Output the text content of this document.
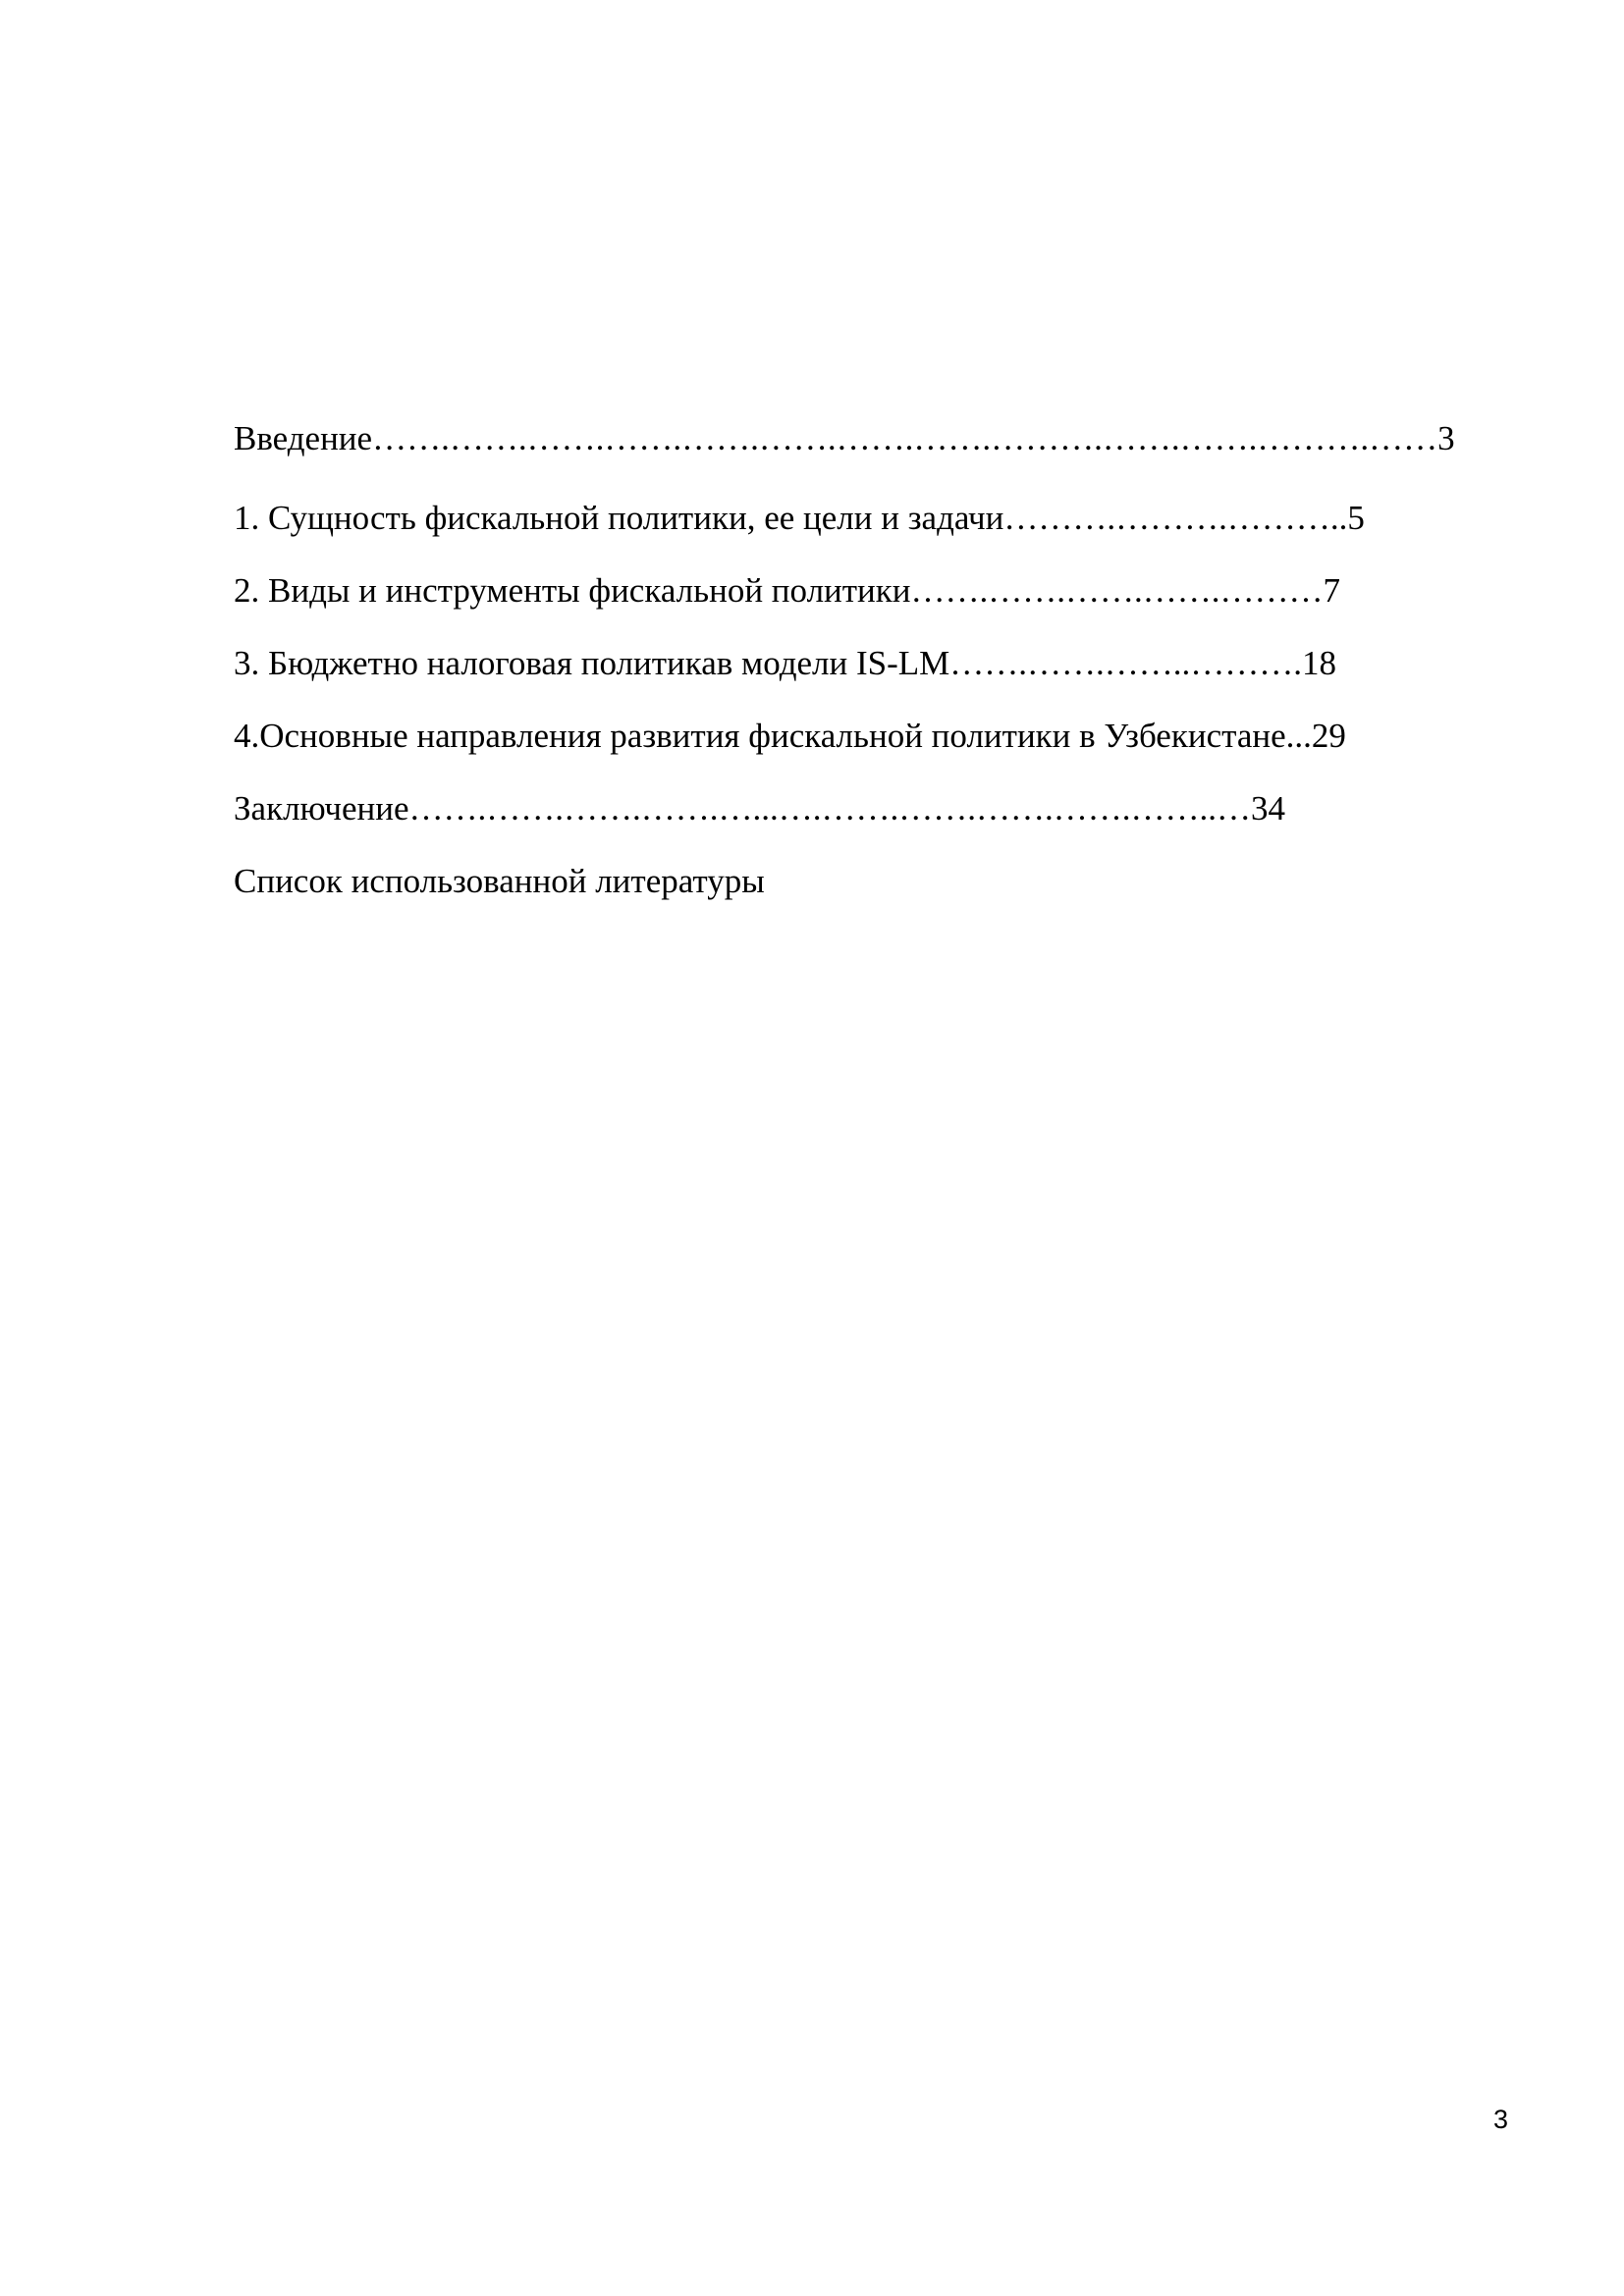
Введение…….…….…….…….…….…….…….…….……….…….…….……….……3

1. Сущность фискальной политики, ее цели и задачи……….……….………..5

2. Виды и инструменты фискальной политики…….…….…….…….………7

3. Бюджетно налоговая политикав модели IS-LM…….…….……..……….18

4.Основные направления развития фискальной политики в Узбекистане...29

Заключение…….…….…….…….…...….…….…….…….…….……..…34

Список использованной литературы

3
